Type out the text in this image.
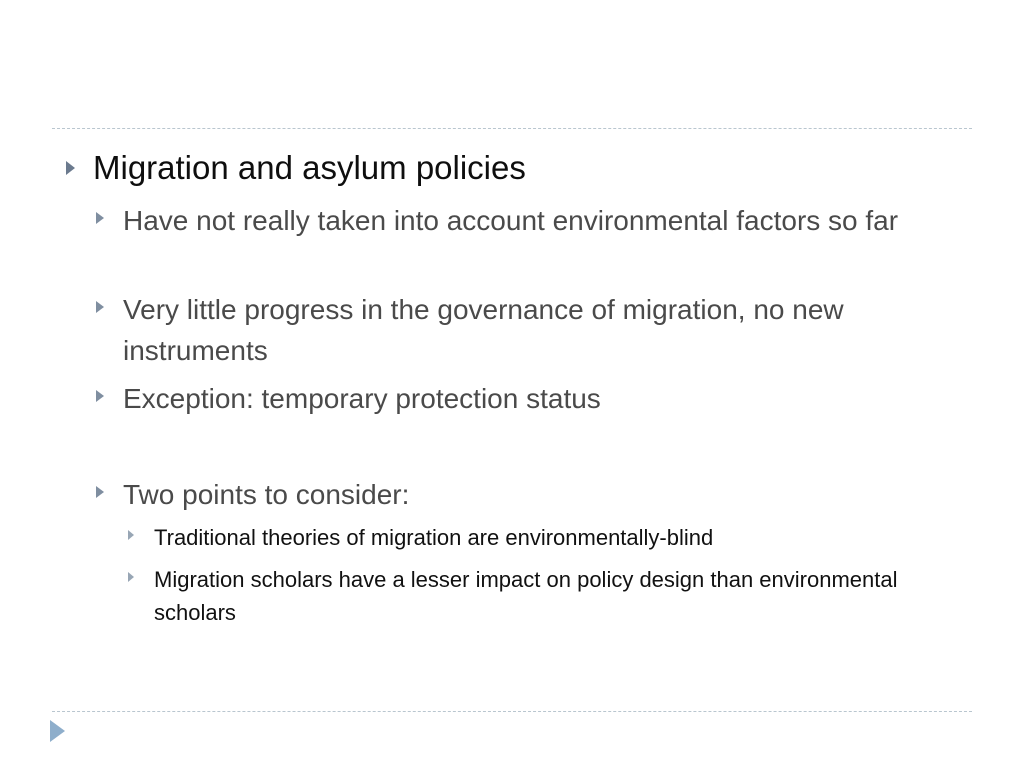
Migration and asylum policies
Have not really taken into account environmental factors so far
Very little progress in the governance of migration, no new instruments
Exception: temporary protection status
Two points to consider:
Traditional theories of migration are environmentally-blind
Migration scholars have a lesser impact on policy design than environmental scholars
